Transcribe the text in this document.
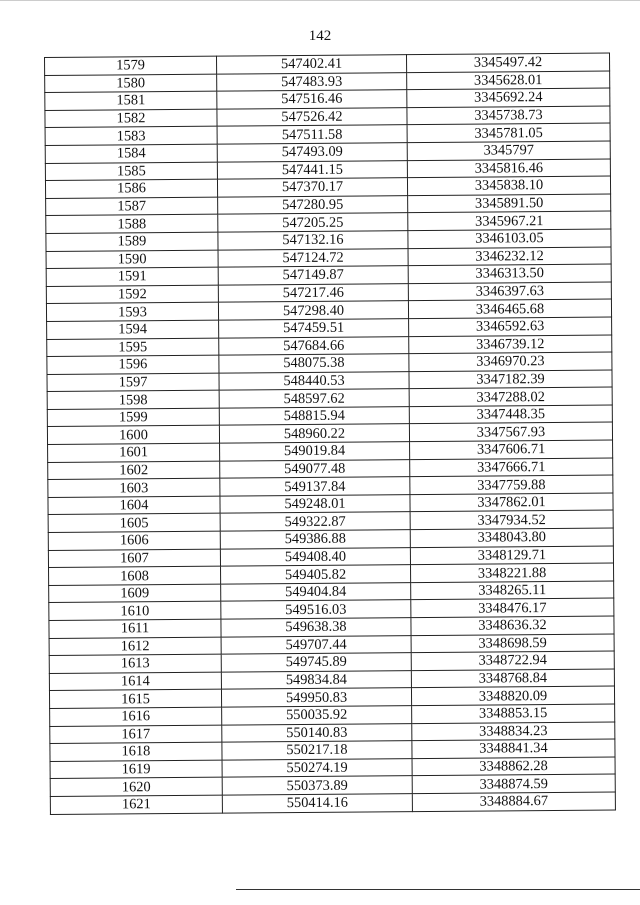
142
1579	547402.41	3345497.42
1580	547483.93	3345628.01
1581	547516.46	3345692.24
1582	547526.42	3345738.73
1583	547511.58	3345781.05
1584	547493.09	3345797
1585	547441.15	3345816.46
1586	547370.17	3345838.10
1587	547280.95	3345891.50
1588	547205.25	3345967.21
1589	547132.16	3346103.05
1590	547124.72	3346232.12
1591	547149.87	3346313.50
1592	547217.46	3346397.63
1593	547298.40	3346465.68
1594	547459.51	3346592.63
1595	547684.66	3346739.12
1596	548075.38	3346970.23
1597	548440.53	3347182.39
1598	548597.62	3347288.02
1599	548815.94	3347448.35
1600	548960.22	3347567.93
1601	549019.84	3347606.71
1602	549077.48	3347666.71
1603	549137.84	3347759.88
1604	549248.01	3347862.01
1605	549322.87	3347934.52
1606	549386.88	3348043.80
1607	549408.40	3348129.71
1608	549405.82	3348221.88
1609	549404.84	3348265.11
1610	549516.03	3348476.17
1611	549638.38	3348636.32
1612	549707.44	3348698.59
1613	549745.89	3348722.94
1614	549834.84	3348768.84
1615	549950.83	3348820.09
1616	550035.92	3348853.15
1617	550140.83	3348834.23
1618	550217.18	3348841.34
1619	550274.19	3348862.28
1620	550373.89	3348874.59
1621	550414.16	3348884.67
